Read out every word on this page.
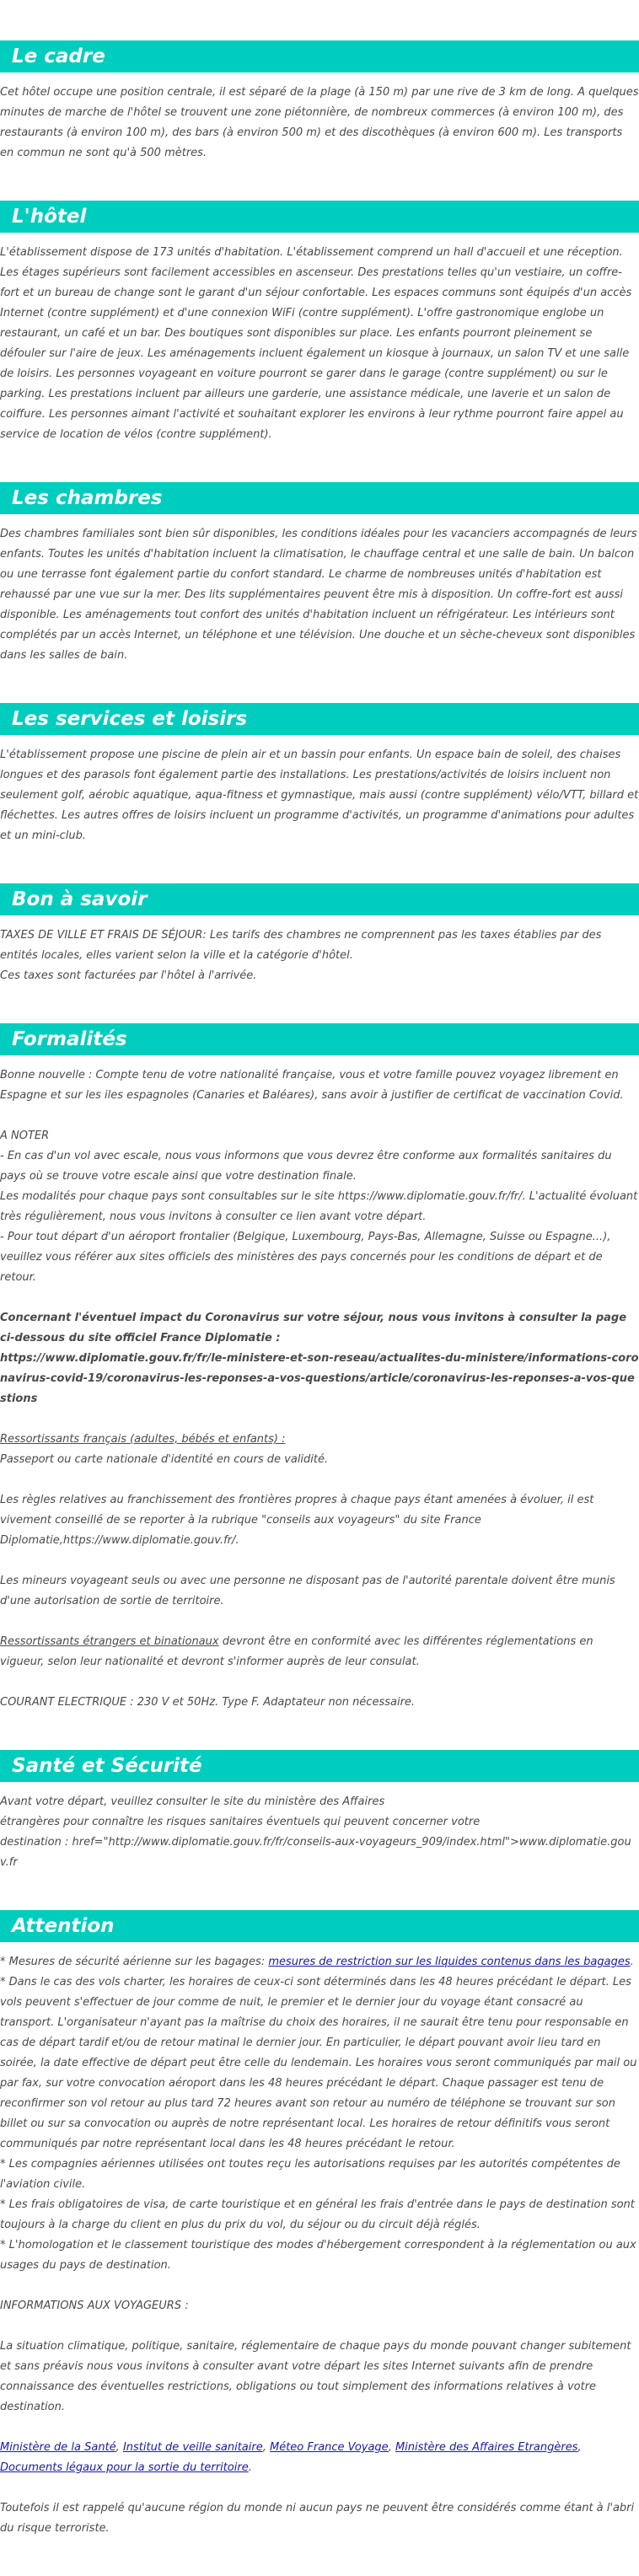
Le cadre

Cet hôtel occupe une position centrale, il est séparé de la plage (à 150 m) par une rive de 3 km de long. A quelques minutes de marche de l'hôtel se trouvent une zone piétonnière, de nombreux commerces (à environ 100 m), des restaurants (à environ 100 m), des bars (à environ 500 m) et des discothèques (à environ 600 m). Les transports en commun ne sont qu'à 500 mètres.

L'hôtel

L'établissement dispose de 173 unités d'habitation. L'établissement comprend un hall d'accueil et une réception. Les étages supérieurs sont facilement accessibles en ascenseur. Des prestations telles qu'un vestiaire, un coffre-fort et un bureau de change sont le garant d'un séjour confortable. Les espaces communs sont équipés d'un accès Internet (contre supplément) et d'une connexion WiFi (contre supplément). L'offre gastronomique englobe un restaurant, un café et un bar. Des boutiques sont disponibles sur place. Les enfants pourront pleinement se défouler sur l'aire de jeux. Les aménagements incluent également un kiosque à journaux, un salon TV et une salle de loisirs. Les personnes voyageant en voiture pourront se garer dans le garage (contre supplément) ou sur le parking. Les prestations incluent par ailleurs une garderie, une assistance médicale, une laverie et un salon de coiffure. Les personnes aimant l'activité et souhaitant explorer les environs à leur rythme pourront faire appel au service de location de vélos (contre supplément).

Les chambres

Des chambres familiales sont bien sûr disponibles, les conditions idéales pour les vacanciers accompagnés de leurs enfants. Toutes les unités d'habitation incluent la climatisation, le chauffage central et une salle de bain. Un balcon ou une terrasse font également partie du confort standard. Le charme de nombreuses unités d'habitation est rehaussé par une vue sur la mer. Des lits supplémentaires peuvent être mis à disposition. Un coffre-fort est aussi disponible. Les aménagements tout confort des unités d'habitation incluent un réfrigérateur. Les intérieurs sont complétés par un accès Internet, un téléphone et une télévision. Une douche et un sèche-cheveux sont disponibles dans les salles de bain.

Les services et loisirs

L'établissement propose une piscine de plein air et un bassin pour enfants. Un espace bain de soleil, des chaises longues et des parasols font également partie des installations. Les prestations/activités de loisirs incluent non seulement golf, aérobic aquatique, aqua-fitness et gymnastique, mais aussi (contre supplément) vélo/VTT, billard et fléchettes. Les autres offres de loisirs incluent un programme d'activités, un programme d'animations pour adultes et un mini-club.

Bon à savoir

TAXES DE VILLE ET FRAIS DE SÉJOUR: Les tarifs des chambres ne comprennent pas les taxes établies par des entités locales, elles varient selon la ville et la catégorie d'hôtel.

Ces taxes sont facturées par l'hôtel à l'arrivée.

Formalités

Bonne nouvelle : Compte tenu de votre nationalité française, vous et votre famille pouvez voyagez librement en Espagne et sur les iles espagnoles (Canaries et Baléares), sans avoir à justifier de certificat de vaccination Covid.

A NOTER

- En cas d'un vol avec escale, nous vous informons que vous devrez être conforme aux formalités sanitaires du pays où se trouve votre escale ainsi que votre destination finale.

Les modalités pour chaque pays sont consultables sur le site https://www.diplomatie.gouv.fr/fr/. L'actualité évoluant très régulièrement, nous vous invitons à consulter ce lien avant votre départ.

- Pour tout départ d'un aéroport frontalier (Belgique, Luxembourg, Pays-Bas, Allemagne, Suisse ou Espagne...), veuillez vous référer aux sites officiels des ministères des pays concernés pour les conditions de départ et de retour.

Concernant l'éventuel impact du Coronavirus sur votre séjour, nous vous invitons à consulter la page ci-dessous du site officiel France Diplomatie :

https://www.diplomatie.gouv.fr/fr/le-ministere-et-son-reseau/actualites-du-ministere/informations-coronavirus-covid-19/coronavirus-les-reponses-a-vos-questions/article/coronavirus-les-reponses-a-vos-questions

Ressortissants français (adultes, bébés et enfants) :

Passeport ou carte nationale d'identité en cours de validité.

Les règles relatives au franchissement des frontières propres à chaque pays étant amenées à évoluer, il est vivement conseillé de se reporter à la rubrique "conseils aux voyageurs" du site France Diplomatie,https://www.diplomatie.gouv.fr/.

Les mineurs voyageant seuls ou avec une personne ne disposant pas de l'autorité parentale doivent être munis d'une autorisation de sortie de territoire.

Ressortissants étrangers et binationaux devront être en conformité avec les différentes réglementations en vigueur, selon leur nationalité et devront s'informer auprès de leur consulat.

COURANT ELECTRIQUE : 230 V et 50Hz. Type F. Adaptateur non nécessaire.

Santé et Sécurité

Avant votre départ, veuillez consulter le site du ministère des Affaires

étrangères pour connaître les risques sanitaires éventuels qui peuvent concerner votre

destination : href="http://www.diplomatie.gouv.fr/fr/conseils-aux-voyageurs_909/index.html">www.diplomatie.gouv.fr

Attention

* Mesures de sécurité aérienne sur les bagages: mesures de restriction sur les liquides contenus dans les bagages.

* Dans le cas des vols charter, les horaires de ceux-ci sont déterminés dans les 48 heures précédant le départ. Les vols peuvent s'effectuer de jour comme de nuit, le premier et le dernier jour du voyage étant consacré au transport. L'organisateur n'ayant pas la maîtrise du choix des horaires, il ne saurait être tenu pour responsable en cas de départ tardif et/ou de retour matinal le dernier jour. En particulier, le départ pouvant avoir lieu tard en soirée, la date effective de départ peut être celle du lendemain. Les horaires vous seront communiqués par mail ou par fax, sur votre convocation aéroport dans les 48 heures précédant le départ. Chaque passager est tenu de reconfirmer son vol retour au plus tard 72 heures avant son retour au numéro de téléphone se trouvant sur son billet ou sur sa convocation ou auprès de notre représentant local. Les horaires de retour définitifs vous seront communiqués par notre représentant local dans les 48 heures précédant le retour.

* Les compagnies aériennes utilisées ont toutes reçu les autorisations requises par les autorités compétentes de l'aviation civile.

* Les frais obligatoires de visa, de carte touristique et en général les frais d'entrée dans le pays de destination sont toujours à la charge du client en plus du prix du vol, du séjour ou du circuit déjà réglés.

* L'homologation et le classement touristique des modes d'hébergement correspondent à la réglementation ou aux usages du pays de destination.

INFORMATIONS AUX VOYAGEURS :

La situation climatique, politique, sanitaire, réglementaire de chaque pays du monde pouvant changer subitement et sans préavis nous vous invitons à consulter avant votre départ les sites Internet suivants afin de prendre connaissance des éventuelles restrictions, obligations ou tout simplement des informations relatives à votre destination.

Ministère de la Santé, Institut de veille sanitaire, Méteo France Voyage, Ministère des Affaires Etrangères, Documents légaux pour la sortie du territoire.

Toutefois il est rappelé qu'aucune région du monde ni aucun pays ne peuvent être considérés comme étant à l'abri du risque terroriste.
